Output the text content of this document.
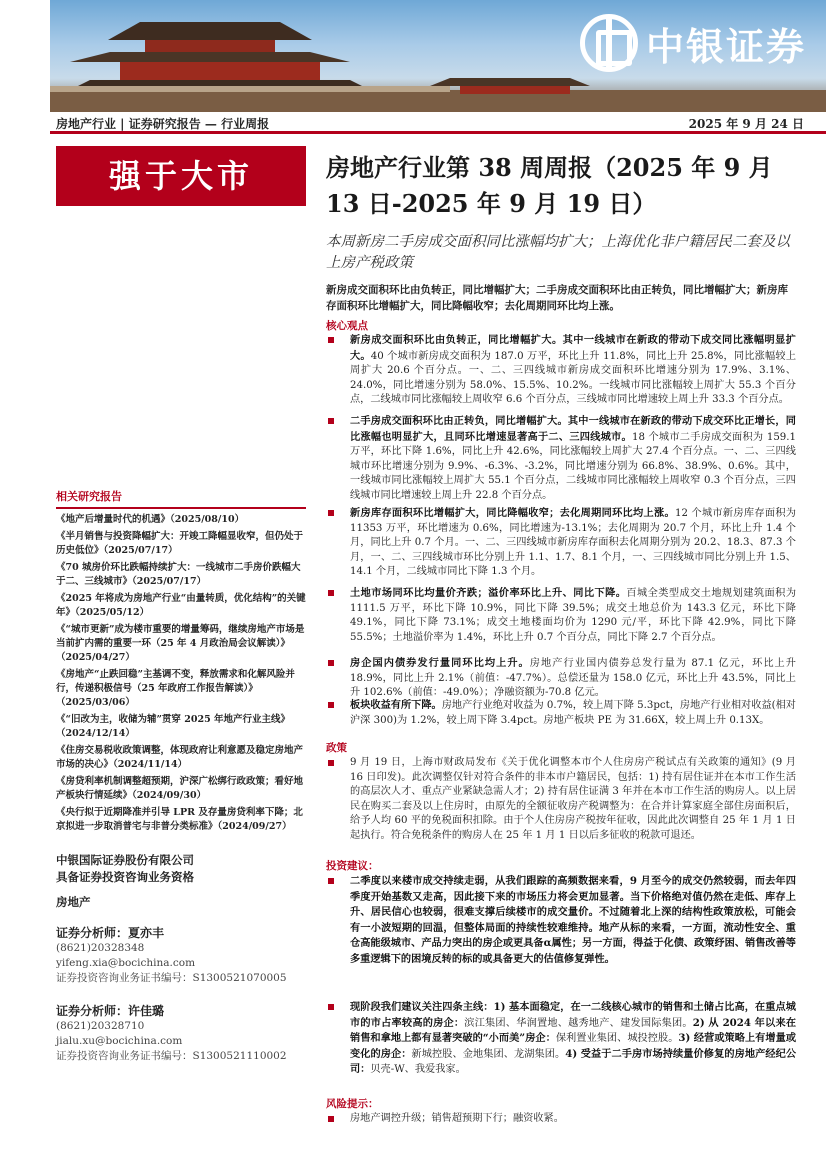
中银证券
房地产行业 | 证券研究报告 — 行业周报	2025 年 9 月 24 日
强于大市
相关研究报告
《地产后增量时代的机遇》（2025/08/10）
《半月销售与投资降幅扩大：开竣工降幅显收窄，但仍处于历史低位》（2025/07/17）
《70 城房价环比跌幅持续扩大：一线城市二手房价跌幅大于二、三线城市》（2025/07/17）
《2025 年将成为房地产行业“由量转质，优化结构”的关键年》（2025/05/12）
《“城市更新”成为楼市重要的增量筹码，继续房地产市场是当前扩内需的重要一环（25 年 4 月政治局会议解读）》（2025/04/27）
《房地产“止跌回稳”主基调不变，释放需求和化解风险并行，传递积极信号（25 年政府工作报告解读）》（2025/03/06）
《“旧改为主，收储为辅”贯穿 2025 年地产行业主线》（2024/12/14）
《住房交易税收政策调整，体现政府让利意愿及稳定房地产市场的决心》（2024/11/14）
《房贷利率机制调整超预期，沪深广松绑行政政策；看好地产板块行情延续》（2024/09/30）
《央行拟于近期降准并引导 LPR 及存量房贷利率下降；北京拟进一步取消普宅与非普分类标准》（2024/09/27）
中银国际证券股份有限公司
具备证券投资咨询业务资格
房地产
证券分析师：夏亦丰
(8621)20328348
yifeng.xia@bocichina.com
证券投资咨询业务证书编号：S1300521070005
证券分析师：许佳璐
(8621)20328710
jialu.xu@bocichina.com
证券投资咨询业务证书编号：S1300521110002
房地产行业第 38 周周报（2025 年 9 月 13 日-2025 年 9 月 19 日）
本周新房二手房成交面积同比涨幅均扩大；上海优化非户籍居民二套及以上房产税政策
新房成交面积环比由负转正，同比增幅扩大；二手房成交面积环比由正转负，同比增幅扩大；新房库存面积环比增幅扩大，同比降幅收窄；去化周期同环比均上涨。
核心观点
新房成交面积环比由负转正，同比增幅扩大。其中一线城市在新政的带动下成交同比涨幅明显扩大。40 个城市新房成交面积为 187.0 万平，环比上升 11.8%，同比上升 25.8%，同比涨幅较上周扩大 20.6 个百分点。一、二、三四线城市新房成交面积环比增速分别为 17.9%、3.1%、24.0%，同比增速分别为 58.0%、15.5%、10.2%。一线城市同比涨幅较上周扩大 55.3 个百分点，二线城市同比涨幅较上周收窄 6.6 个百分点，三线城市同比增速较上周上升 33.3 个百分点。
二手房成交面积环比由正转负，同比增幅扩大。其中一线城市在新政的带动下成交环比正增长，同比涨幅也明显扩大，且同环比增速显著高于二、三四线城市。18 个城市二手房成交面积为 159.1 万平，环比下降 1.6%，同比上升 42.6%，同比涨幅较上周扩大 27.4 个百分点。一、二、三四线城市环比增速分别为 9.9%、-6.3%、-3.2%，同比增速分别为 66.8%、38.9%、0.6%。其中，一线城市同比涨幅较上周扩大 55.1 个百分点，二线城市同比涨幅较上周收窄 0.3 个百分点，三四线城市同比增速较上周上升 22.8 个百分点。
新房库存面积环比增幅扩大，同比降幅收窄；去化周期同环比均上涨。12 个城市新房库存面积为 11353 万平，环比增速为 0.6%，同比增速为-13.1%；去化周期为 20.7 个月，环比上升 1.4 个月，同比上升 0.7 个月。一、二、三四线城市新房库存面积去化周期分别为 20.2、18.3、87.3 个月，一、二、三四线城市环比分别上升 1.1、1.7、8.1 个月，一、三四线城市同比分别上升 1.5、14.1 个月，二线城市同比下降 1.3 个月。
土地市场同环比均量价齐跌；溢价率环比上升、同比下降。百城全类型成交土地规划建筑面积为 1111.5 万平，环比下降 10.9%，同比下降 39.5%；成交土地总价为 143.3 亿元，环比下降 49.1%，同比下降 73.1%；成交土地楼面均价为 1290 元/平，环比下降 42.9%，同比下降 55.5%；土地溢价率为 1.4%，环比上升 0.7 个百分点，同比下降 2.7 个百分点。
房企国内债券发行量同环比均上升。房地产行业国内债券总发行量为 87.1 亿元，环比上升 18.9%，同比上升 2.1%（前值：-47.7%）。总偿还量为 158.0 亿元，环比上升 43.5%，同比上升 102.6%（前值：-49.0%）；净融资额为-70.8 亿元。
板块收益有所下降。房地产行业绝对收益为 0.7%，较上周下降 5.3pct，房地产行业相对收益(相对沪深 300)为 1.2%，较上周下降 3.4pct。房地产板块 PE 为 31.66X，较上周上升 0.13X。
政策
9 月 19 日，上海市财政局发布《关于优化调整本市个人住房房产税试点有关政策的通知》(9 月 16 日印发)。此次调整仅针对符合条件的非本市户籍居民，包括：1) 持有居住证并在本市工作生活的高层次人才、重点产业紧缺急需人才；2) 持有居住证满 3 年并在本市工作生活的购房人。以上居民在购买二套及以上住房时，由原先的全额征收房产税调整为：在合并计算家庭全部住房面积后，给予人均 60 平的免税面积扣除。由于个人住房房产税按年征收，因此此次调整自 25 年 1 月 1 日起执行。符合免税条件的购房人在 25 年 1 月 1 日以后多征收的税款可退还。
投资建议：
二季度以来楼市成交持续走弱，从我们跟踪的高频数据来看，9 月至今的成交仍然较弱，而去年四季度开始基数又走高，因此接下来的市场压力将会更加显著。当下价格绝对值仍然在走低、库存上升、居民信心也较弱，很难支撑后续楼市的成交量价。不过随着北上深的结构性政策放松，可能会有一小波短期的回温，但整体局面的持续性较难维持。地产从标的来看，一方面，流动性安全、重仓高能级城市、产品力突出的房企或更具备α属性；另一方面，得益于化债、政策纾困、销售改善等多重逻辑下的困境反转的标的或具备更大的估值修复弹性。
现阶段我们建议关注四条主线：1) 基本面稳定，在一二线核心城市的销售和土储占比高，在重点城市的市占率较高的房企：滨江集团、华润置地、越秀地产、建发国际集团。2) 从 2024 年以来在销售和拿地上都有显著突破的“小而美”房企：保利置业集团、城投控股。3) 经营或策略上有增量或变化的房企：新城控股、金地集团、龙湖集团。4) 受益于二手房市场持续量价修复的房地产经纪公司：贝壳-W、我爱我家。
风险提示：
房地产调控升级；销售超预期下行；融资收紧。
